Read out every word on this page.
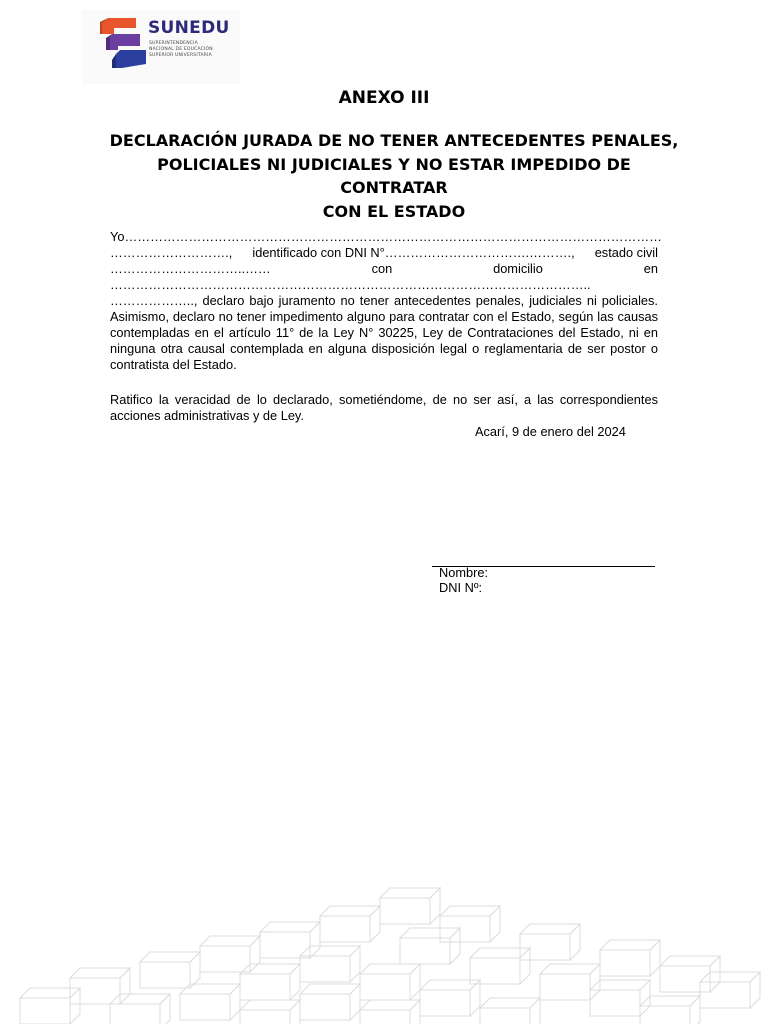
SUNEDU
SUPERINTENDENCIA
NACIONAL DE EDUCACIÓN
SUPERIOR UNIVERSITARIA
ANEXO III
DECLARACIÓN JURADA DE NO TENER ANTECEDENTES PENALES,
POLICIALES NI JUDICIALES Y NO ESTAR IMPEDIDO DE CONTRATAR
CON EL ESTADO
Yo………………………………………………………………………………………………………………
………………………., identificado con DNI N°…………………………….………., estado civil
…………………………..……	con	domicilio	en
…………………………………………………………………………………………………..
……………….., declaro bajo juramento no tener antecedentes penales, judiciales ni policiales.
Asimismo, declaro no tener impedimento alguno para contratar con el Estado, según las causas contempladas en el artículo 11° de la Ley N° 30225, Ley de Contrataciones del Estado, ni en ninguna otra causal contemplada en alguna disposición legal o reglamentaria de ser postor o contratista del Estado.
Ratifico la veracidad de lo declarado, sometiéndome, de no ser así, a las correspondientes acciones administrativas y de Ley.
Acarí, 9 de enero del 2024
Nombre:
DNI Nº:
